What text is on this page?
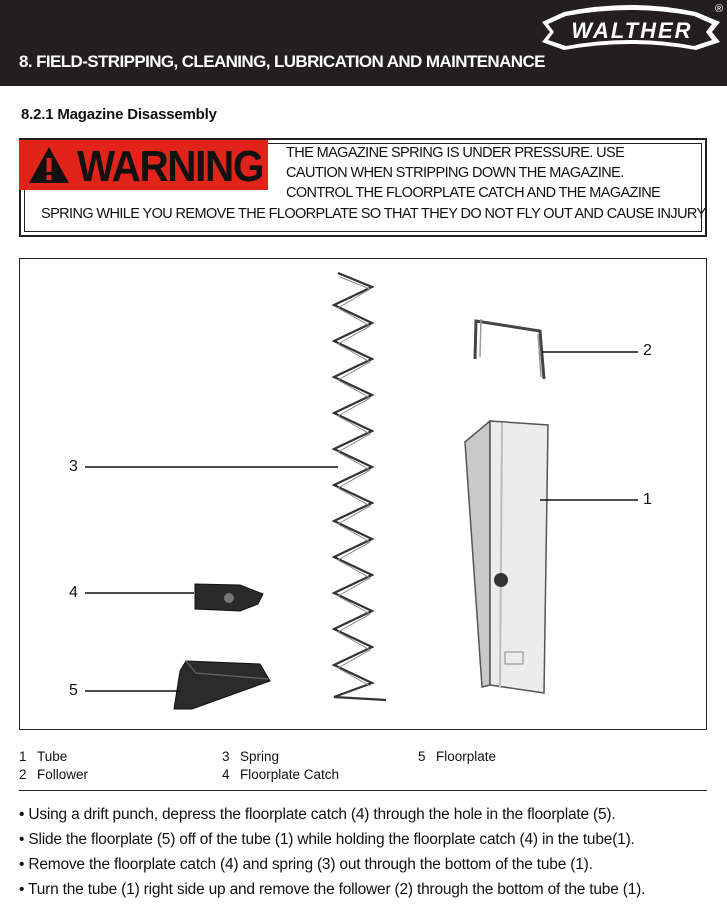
8. FIELD-STRIPPING, CLEANING, LUBRICATION AND MAINTENANCE
WALTHER
®
8.2.1 Magazine Disassembly
WARNING THE MAGAZINE SPRING IS UNDER PRESSURE. USE
CAUTION WHEN STRIPPING DOWN THE MAGAZINE.
CONTROL THE FLOORPLATE CATCH AND THE MAGAZINE
SPRING WHILE YOU REMOVE THE FLOORPLATE SO THAT THEY DO NOT FLY OUT AND CAUSE INJURY.
2
1
3
4
5
1 Tube
2 Follower
3 Spring
4 Floorplate Catch
5 Floorplate
• Using a drift punch, depress the floorplate catch (4) through the hole in the floorplate (5).
• Slide the floorplate (5) off of the tube (1) while holding the floorplate catch (4) in the tube(1).
• Remove the floorplate catch (4) and spring (3) out through the bottom of the tube (1).
• Turn the tube (1) right side up and remove the follower (2) through the bottom of the tube (1).
